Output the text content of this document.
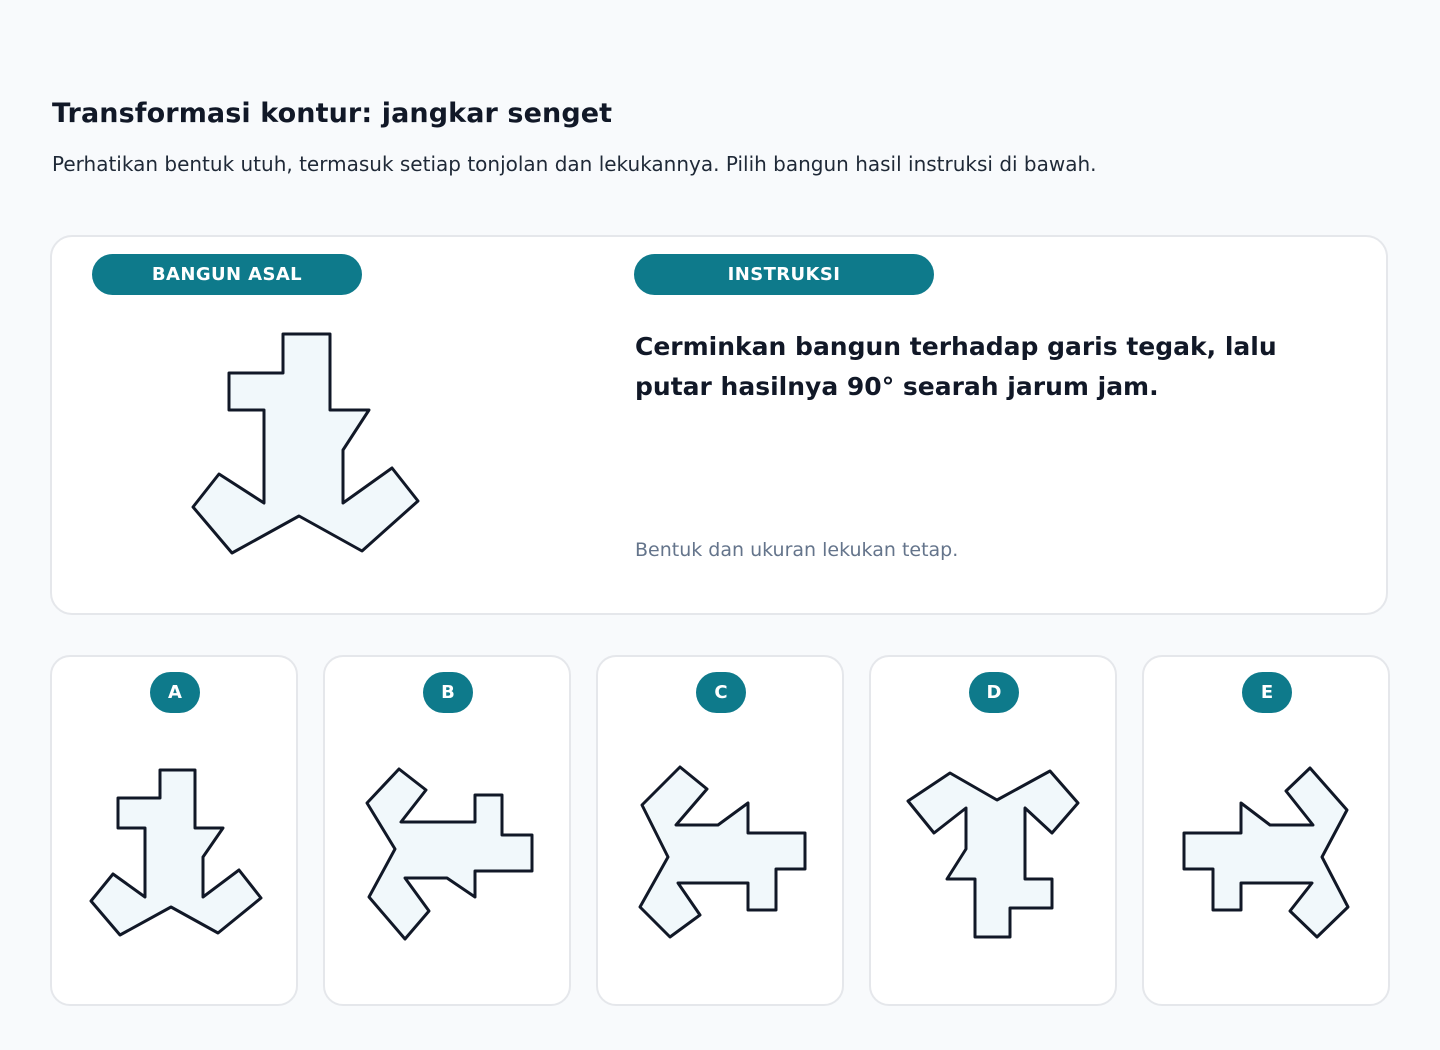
Transformasi kontur: jangkar senget

Perhatikan bentuk utuh, termasuk setiap tonjolan dan lekukannya. Pilih bangun hasil instruksi di bawah.

BANGUN ASAL	INSTRUKSI
Cerminkan bangun terhadap garis tegak, lalu putar hasilnya 90° searah jarum jam.
Bentuk dan ukuran lekukan tetap.
A	B	C	D	E
